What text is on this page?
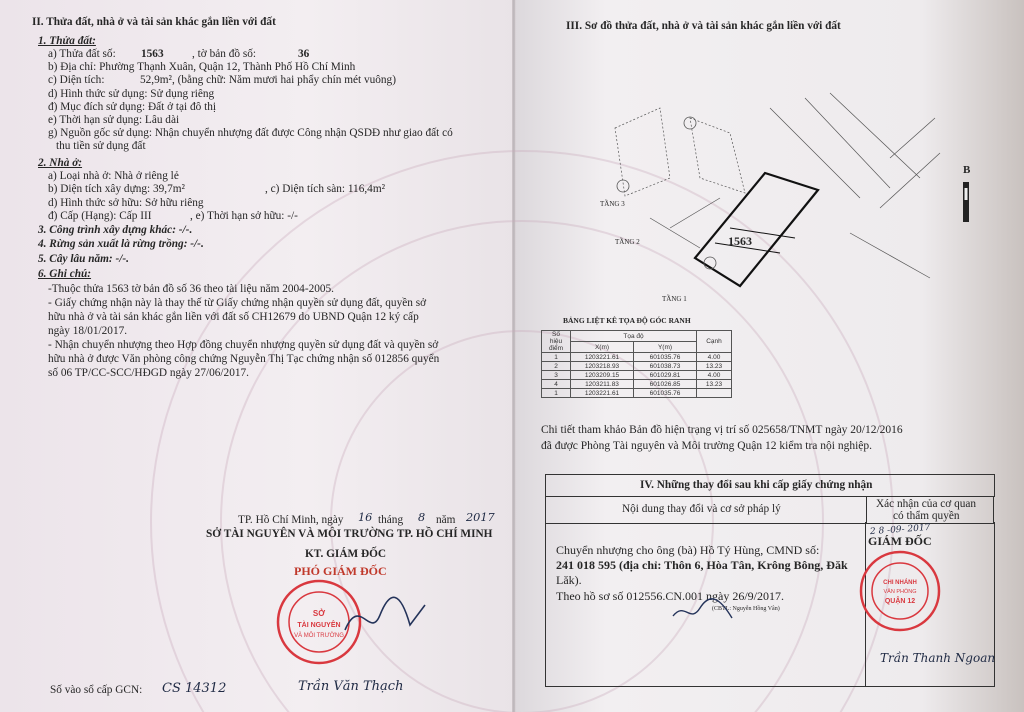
II. Thửa đất, nhà ở và tài sản khác gắn liền với đất
1. Thửa đất:
a) Thửa đất số: 1563	, tờ bản đồ số:	36
b) Địa chỉ: Phường Thạnh Xuân, Quận 12, Thành Phố Hồ Chí Minh
c) Diện tích:	52,9m², (bằng chữ: Năm mươi hai phẩy chín mét vuông)
d) Hình thức sử dụng: Sử dụng riêng
đ) Mục đích sử dụng: Đất ở tại đô thị
e) Thời hạn sử dụng: Lâu dài
g) Nguồn gốc sử dụng: Nhận chuyển nhượng đất được Công nhận QSDĐ như giao đất có
thu tiền sử dụng đất
2. Nhà ở:
a) Loại nhà ở: Nhà ở riêng lẻ
b) Diện tích xây dựng: 39,7m²	, c) Diện tích sàn: 116,4m²
d) Hình thức sở hữu: Sở hữu riêng
đ) Cấp (Hạng): Cấp III	, e) Thời hạn sở hữu: -/-
3. Công trình xây dựng khác: -/-.
4. Rừng sản xuất là rừng trồng: -/-.
5. Cây lâu năm: -/-.
6. Ghi chú:
-Thuộc thửa 1563 tờ bản đồ số 36 theo tài liệu năm 2004-2005.
- Giấy chứng nhận này là thay thế từ Giấy chứng nhận quyền sử dụng đất, quyền sở
hữu nhà ở và tài sản khác gắn liền với đất số CH12679 do UBND Quận 12 ký cấp
ngày 18/01/2017.
- Nhận chuyển nhượng theo Hợp đồng chuyển nhượng quyền sử dụng đất và quyền sở
hữu nhà ở được Văn phòng công chứng Nguyễn Thị Tạc chứng nhận số 012856 quyển
số 06 TP/CC-SCC/HĐGD ngày 27/06/2017.
TP. Hồ Chí Minh, ngày 16 tháng 8 năm 2017
SỞ TÀI NGUYÊN VÀ MÔI TRƯỜNG TP. HỒ CHÍ MINH
KT. GIÁM ĐỐC
PHÓ GIÁM ĐỐC
SỞ
TÀI NGUYÊN
VÀ MÔI TRƯỜNG
Trần Văn Thạch
Số vào sổ cấp GCN: CS 14312
III. Sơ đồ thửa đất, nhà ở và tài sản khác gắn liền với đất
1563
TẦNG 3
TẦNG 2
TẦNG 1
B
BẢNG LIỆT KÊ TỌA ĐỘ GÓC RANH
Số hiệu điểm	Tọa độ		Cạnh
	X(m)	Y(m)	
1	1203221.61	601035.76	4.00
2	1203218.93	601038.73	13.23
3	1203209.15	601029.81	4.00
4	1203211.83	601026.85	13.23
1	1203221.61	601035.76	
Chi tiết tham khảo Bản đồ hiện trạng vị trí số 025658/TNMT ngày 20/12/2016
đã được Phòng Tài nguyên và Môi trường Quận 12 kiểm tra nội nghiệp.
IV. Những thay đổi sau khi cấp giấy chứng nhận
Nội dung thay đổi và cơ sở pháp lý	Xác nhận của cơ quan
có thẩm quyền
Chuyển nhượng cho ông (bà) Hồ Tý Hùng, CMND số:
241 018 595 (địa chỉ: Thôn 6, Hòa Tân, Krông Bông, Đăk
Lăk).
Theo hồ sơ số 012556.CN.001 ngày 26/9/2017.
(CBTL: Nguyễn Hồng Vân)
GIÁM ĐỐC
2 8 -09- 2017
CHI NHÁNH
VĂN PHÒNG
QUẬN 12
Trần Thanh Ngoan
